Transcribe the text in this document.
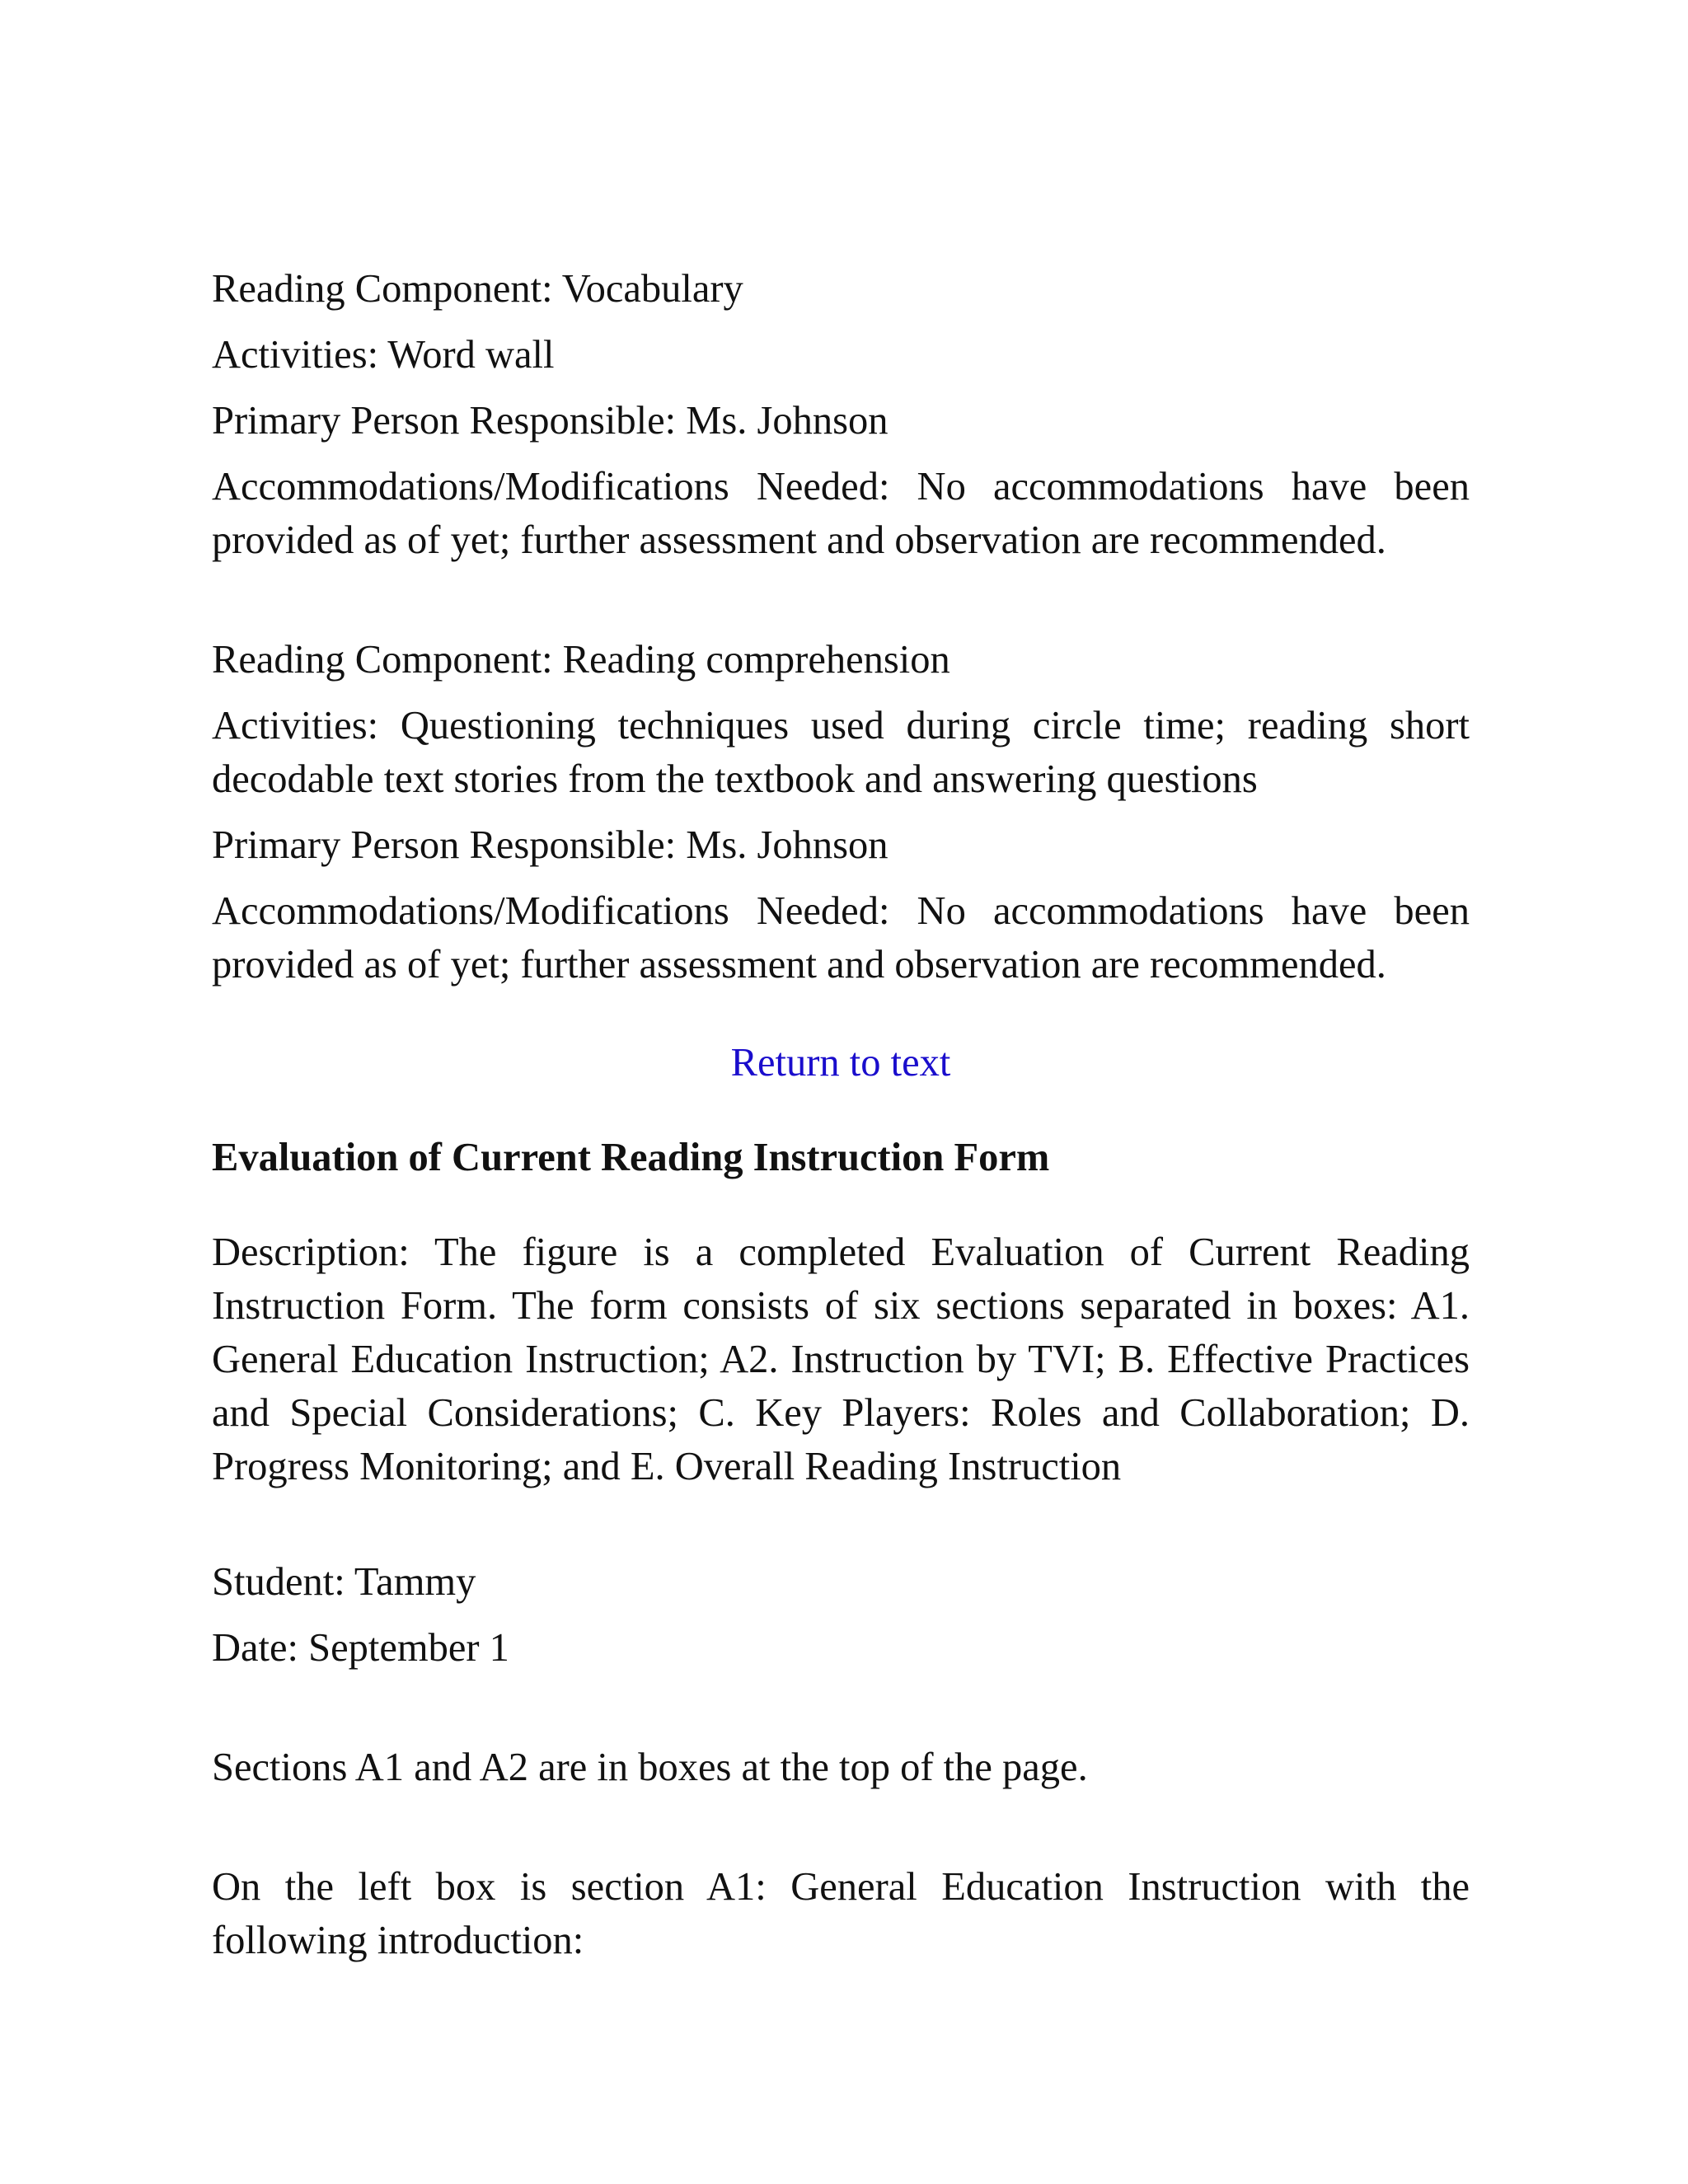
Reading Component: Vocabulary
Activities: Word wall
Primary Person Responsible: Ms. Johnson
Accommodations/Modifications Needed: No accommodations have been provided as of yet; further assessment and observation are recommended.
Reading Component: Reading comprehension
Activities: Questioning techniques used during circle time; reading short decodable text stories from the textbook and answering questions
Primary Person Responsible: Ms. Johnson
Accommodations/Modifications Needed: No accommodations have been provided as of yet; further assessment and observation are recommended.
Return to text
Evaluation of Current Reading Instruction Form
Description: The figure is a completed Evaluation of Current Reading Instruction Form. The form consists of six sections separated in boxes: A1. General Education Instruction; A2. Instruction by TVI; B. Effective Practices and Special Considerations; C. Key Players: Roles and Collaboration; D. Progress Monitoring; and E. Overall Reading Instruction
Student: Tammy
Date: September 1
Sections A1 and A2 are in boxes at the top of the page.
On the left box is section A1: General Education Instruction with the following introduction:
